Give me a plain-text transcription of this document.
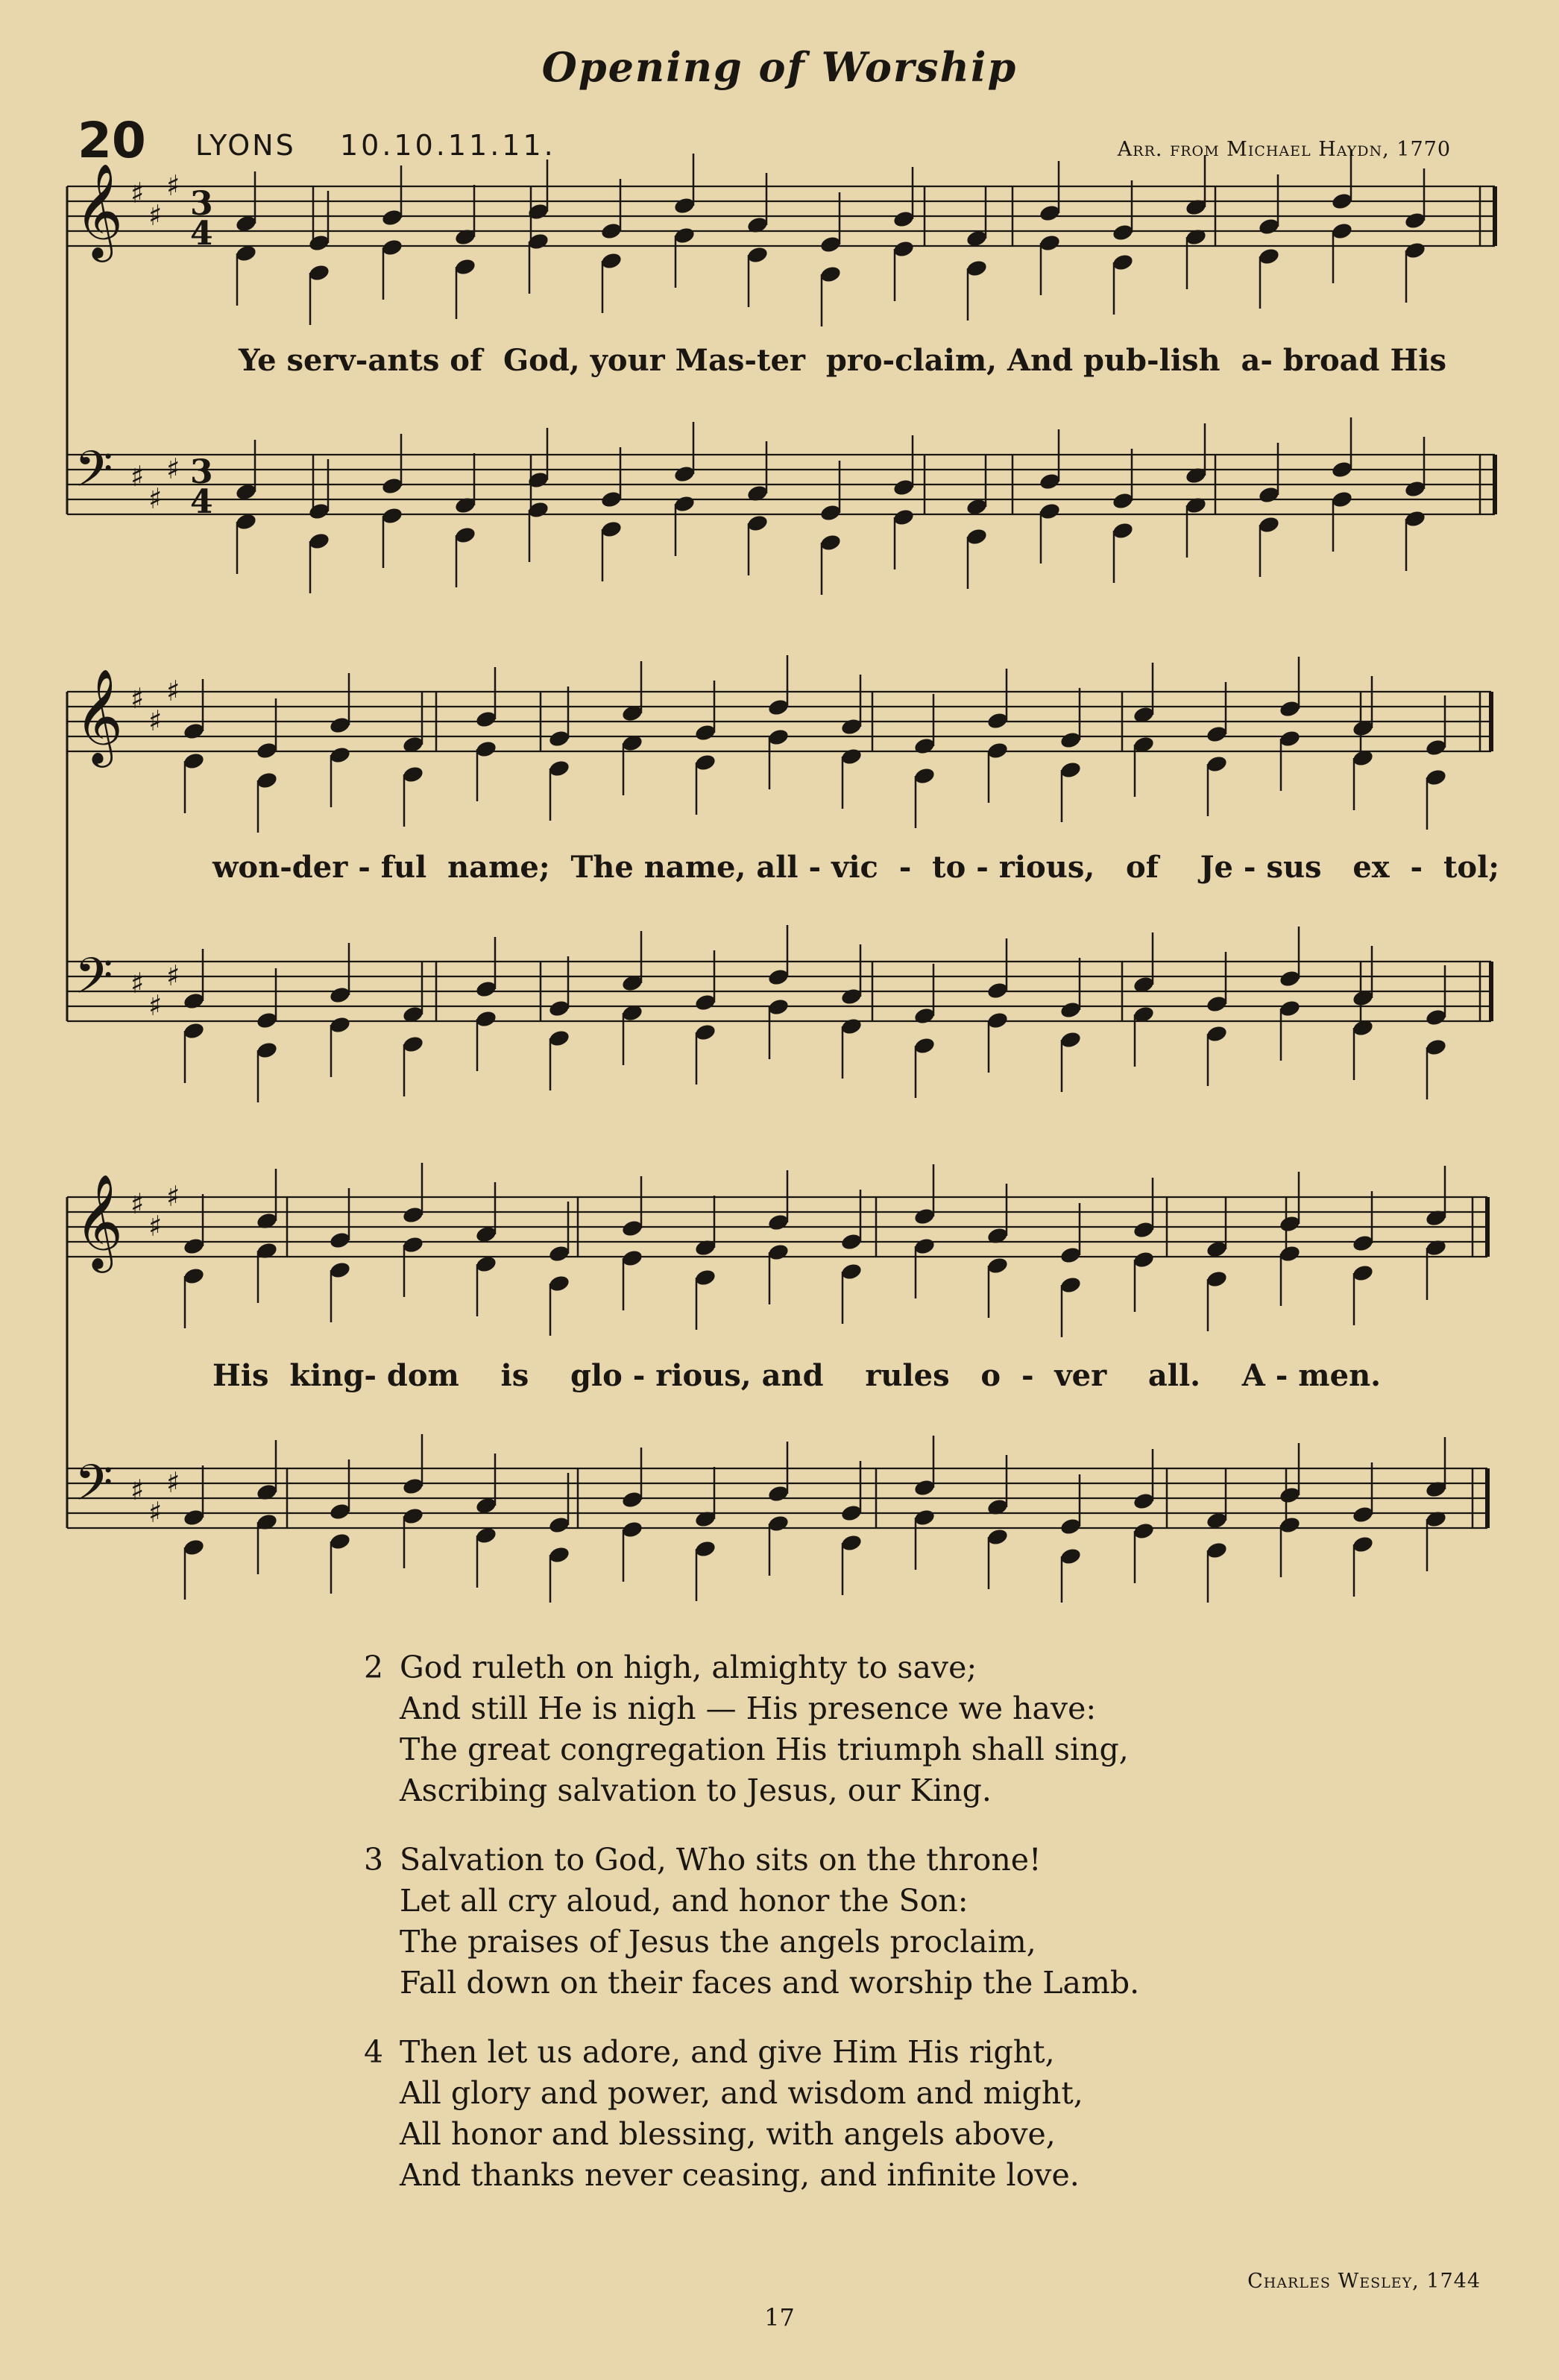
Opening of Worship
20 LYONS 10.10.11.11.	Arr. from Michael Haydn, 1770
𝄞 ♯
♯
♯ 3
4
𝄢 ♯
♯
♯ 3
4
𝄞 ♯
♯
♯
𝄢 ♯
♯
♯
𝄞 ♯
♯
♯
𝄢 ♯
♯
♯
Ye serv-ants of  God, your Mas-ter  pro-claim, And pub-lish  a- broad His
won-der - ful  name;  The name, all - vic  -  to - rious,   of    Je - sus   ex  -  tol;
His  king- dom    is    glo - rious, and    rules   o  -  ver    all.    A - men.
2 God ruleth on high, almighty to save;
And still He is nigh — His presence we have:
The great congregation His triumph shall sing,
Ascribing salvation to Jesus, our King.
3 Salvation to God, Who sits on the throne!
Let all cry aloud, and honor the Son:
The praises of Jesus the angels proclaim,
Fall down on their faces and worship the Lamb.
4 Then let us adore, and give Him His right,
All glory and power, and wisdom and might,
All honor and blessing, with angels above,
And thanks never ceasing, and infinite love.
Charles Wesley, 1744
17
